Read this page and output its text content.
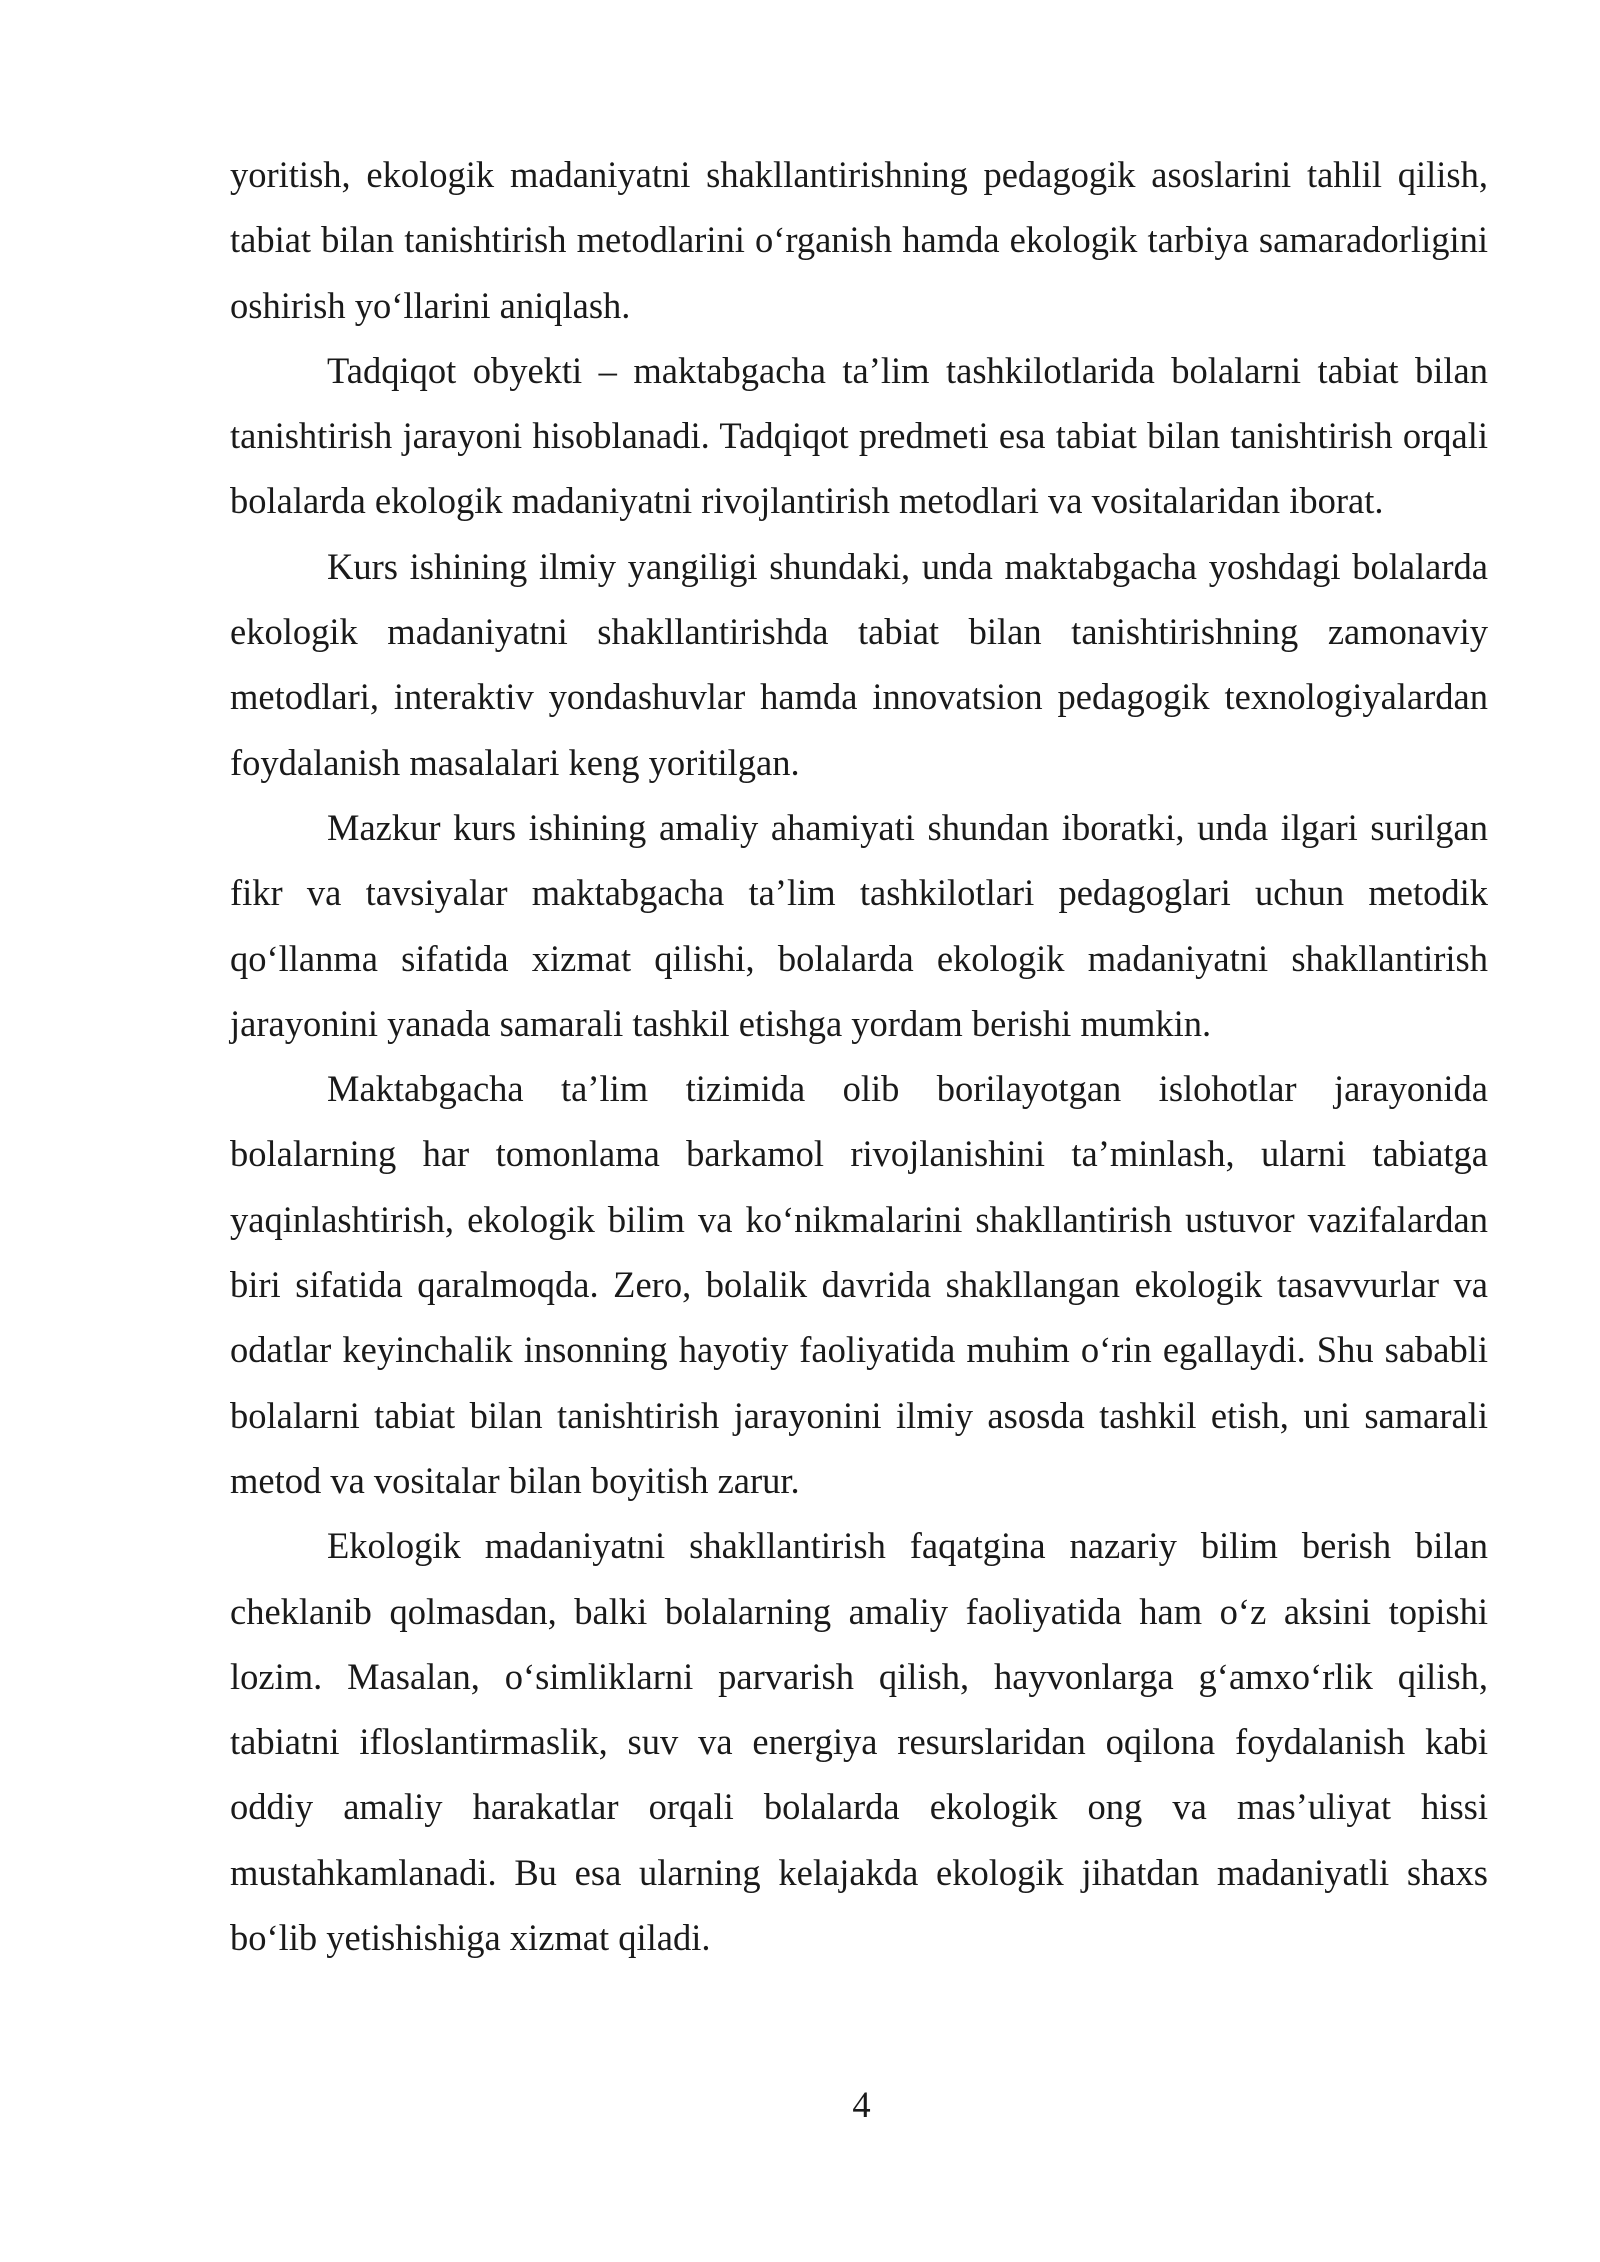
yoritish, ekologik madaniyatni shakllantirishning pedagogik asoslarini tahlil qilish, tabiat bilan tanishtirish metodlarini o‘rganish hamda ekologik tarbiya samaradorligini oshirish yo‘llarini aniqlash.

Tadqiqot obyekti – maktabgacha ta’lim tashkilotlarida bolalarni tabiat bilan tanishtirish jarayoni hisoblanadi. Tadqiqot predmeti esa tabiat bilan tanishtirish orqali bolalarda ekologik madaniyatni rivojlantirish metodlari va vositalaridan iborat.

Kurs ishining ilmiy yangiligi shundaki, unda maktabgacha yoshdagi bolalarda ekologik madaniyatni shakllantirishda tabiat bilan tanishtirishning zamonaviy metodlari, interaktiv yondashuvlar hamda innovatsion pedagogik texnologiyalardan foydalanish masalalari keng yoritilgan.

Mazkur kurs ishining amaliy ahamiyati shundan iboratki, unda ilgari surilgan fikr va tavsiyalar maktabgacha ta’lim tashkilotlari pedagoglari uchun metodik qo‘llanma sifatida xizmat qilishi, bolalarda ekologik madaniyatni shakllantirish jarayonini yanada samarali tashkil etishga yordam berishi mumkin.

Maktabgacha ta’lim tizimida olib borilayotgan islohotlar jarayonida bolalarning har tomonlama barkamol rivojlanishini ta’minlash, ularni tabiatga yaqinlashtirish, ekologik bilim va ko‘nikmalarini shakllantirish ustuvor vazifalardan biri sifatida qaralmoqda. Zero, bolalik davrida shakllangan ekologik tasavvurlar va odatlar keyinchalik insonning hayotiy faoliyatida muhim o‘rin egallaydi. Shu sababli bolalarni tabiat bilan tanishtirish jarayonini ilmiy asosda tashkil etish, uni samarali metod va vositalar bilan boyitish zarur.

Ekologik madaniyatni shakllantirish faqatgina nazariy bilim berish bilan cheklanib qolmasdan, balki bolalarning amaliy faoliyatida ham o‘z aksini topishi lozim. Masalan, o‘simliklarni parvarish qilish, hayvonlarga g‘amxo‘rlik qilish, tabiatni ifloslantirmaslik, suv va energiya resurslaridan oqilona foydalanish kabi oddiy amaliy harakatlar orqali bolalarda ekologik ong va mas’uliyat hissi mustahkamlanadi. Bu esa ularning kelajakda ekologik jihatdan madaniyatli shaxs bo‘lib yetishishiga xizmat qiladi.

4
